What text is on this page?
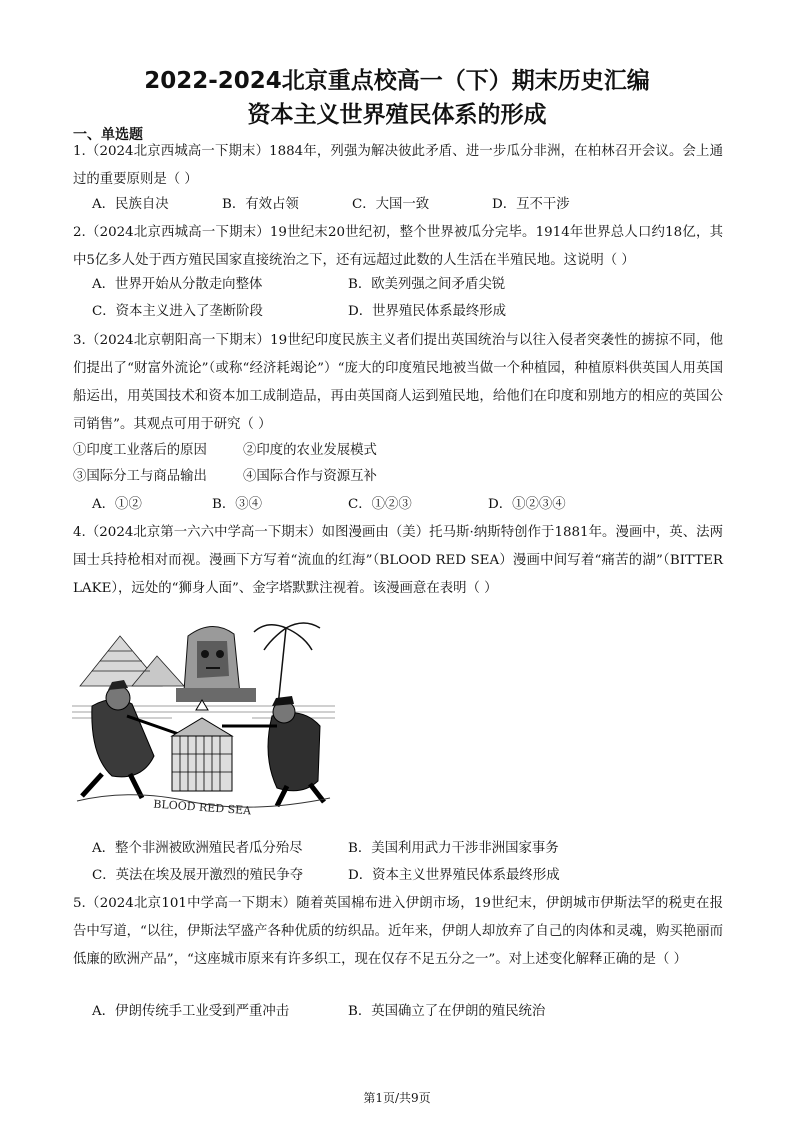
2022-2024北京重点校高一（下）期末历史汇编
资本主义世界殖民体系的形成
一、单选题
1.（2024北京西城高一下期末）1884年，列强为解决彼此矛盾、进一步瓜分非洲，在柏林召开会议。会上通过的重要原则是（ ）
A．民族自决	B．有效占领	C．大国一致	D．互不干涉
2.（2024北京西城高一下期末）19世纪末20世纪初，整个世界被瓜分完毕。1914年世界总人口约18亿，其中5亿多人处于西方殖民国家直接统治之下，还有远超过此数的人生活在半殖民地。这说明（ ）
A．世界开始从分散走向整体	B．欧美列强之间矛盾尖锐
C．资本主义进入了垄断阶段	D．世界殖民体系最终形成
3.（2024北京朝阳高一下期末）19世纪印度民族主义者们提出英国统治与以往入侵者突袭性的掳掠不同，他们提出了“财富外流论”（或称“经济耗竭论”）“庞大的印度殖民地被当做一个种植园，种植原料供英国人用英国船运出，用英国技术和资本加工成制造品，再由英国商人运到殖民地，给他们在印度和别地方的相应的英国公司销售”。其观点可用于研究（ ）
①印度工业落后的原因	②印度的农业发展模式
③国际分工与商品输出	④国际合作与资源互补
A．①②	B．③④	C．①②③	D．①②③④
4.（2024北京第一六六中学高一下期末）如图漫画由（美）托马斯·纳斯特创作于1881年。漫画中，英、法两国士兵持枪相对而视。漫画下方写着“流血的红海”（BLOOD RED SEA）漫画中间写着“痛苦的湖”（BITTER LAKE），远处的“狮身人面”、金字塔默默注视着。该漫画意在表明（ ）
BLOOD RED SEA
A．整个非洲被欧洲殖民者瓜分殆尽	B．美国利用武力干涉非洲国家事务
C．英法在埃及展开激烈的殖民争夺	D．资本主义世界殖民体系最终形成
5.（2024北京101中学高一下期末）随着英国棉布进入伊朗市场，19世纪末，伊朗城市伊斯法罕的税吏在报告中写道，“以往，伊斯法罕盛产各种优质的纺织品。近年来，伊朗人却放弃了自己的肉体和灵魂，购买艳丽而低廉的欧洲产品”，“这座城市原来有许多织工，现在仅存不足五分之一”。对上述变化解释正确的是（ ）
A．伊朗传统手工业受到严重冲击	B．英国确立了在伊朗的殖民统治
第1页/共9页
